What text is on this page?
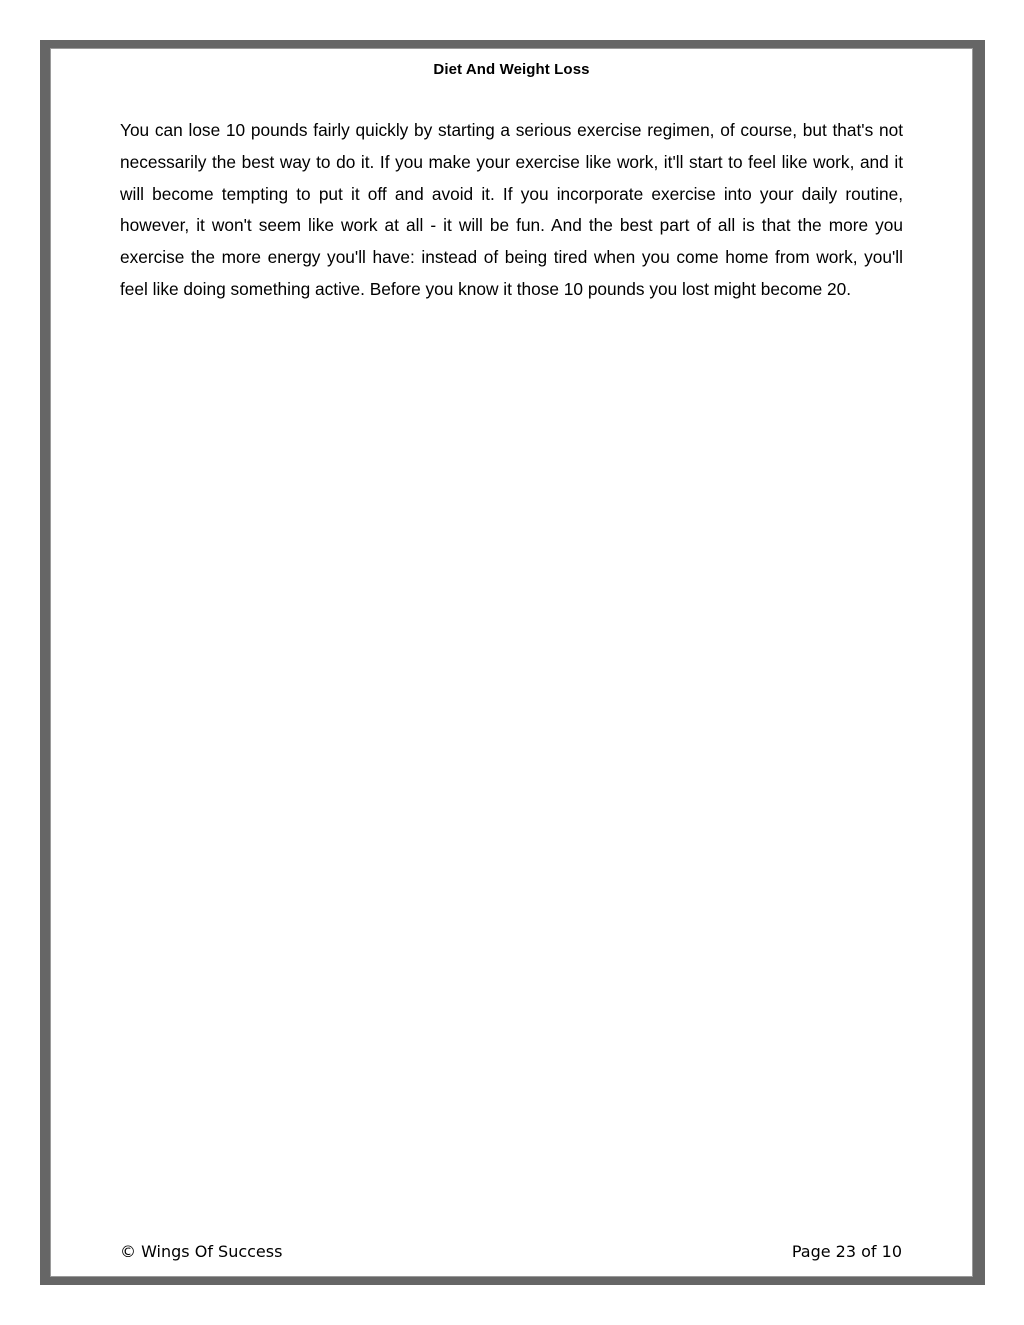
Diet And Weight Loss

You can lose 10 pounds fairly quickly by starting a serious exercise regimen, of course, but that's not necessarily the best way to do it. If you make your exercise like work, it'll start to feel like work, and it will become tempting to put it off and avoid it. If you incorporate exercise into your daily routine, however, it won't seem like work at all - it will be fun. And the best part of all is that the more you exercise the more energy you'll have: instead of being tired when you come home from work, you'll feel like doing something active. Before you know it those 10 pounds you lost might become 20.

© Wings Of Success	Page 23 of 10
